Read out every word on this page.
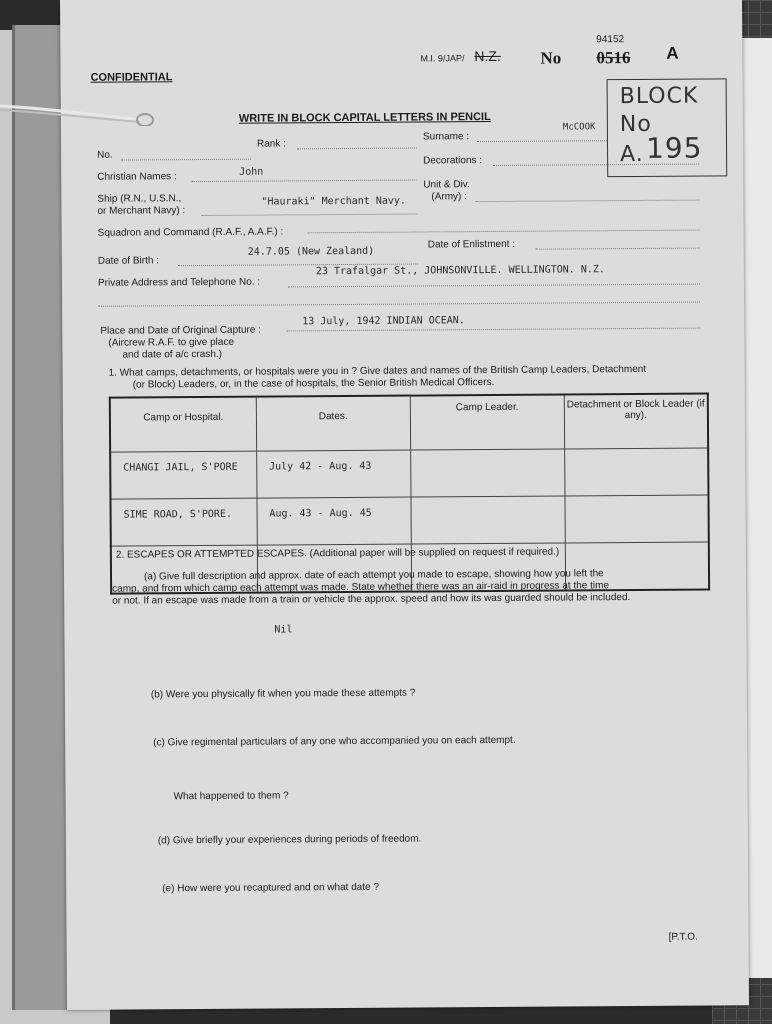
CONFIDENTIAL
M.I. 9/JAP/ N.Z. No
94152
0516 A
WRITE IN BLOCK CAPITAL LETTERS IN PENCIL
BLOCK
No
A. 195
No.
Rank :
Surname :
McCOOK
Christian Names :	John
Decorations :
Ship (R.N., U.S.N.,
or Merchant Navy) :
"Hauraki" Merchant Navy.
Unit & Div.
(Army) :
Squadron and Command (R.A.F., A.A.F.) :
Date of Birth :
24.7.05 (New Zealand)
Date of Enlistment :
Private Address and Telephone No. :
23 Trafalgar St., JOHNSONVILLE. WELLINGTON. N.Z.
Place and Date of Original Capture :
13 July, 1942 INDIAN OCEAN.
(Aircrew R.A.F. to give place
and date of a/c crash.)
1. What camps, detachments, or hospitals were you in ? Give dates and names of the British Camp Leaders, Detachment
(or Block) Leaders, or, in the case of hospitals, the Senior British Medical Officers.
Camp or Hospital.	Dates.	Camp Leader.	Detachment or Block Leader (if any).
CHANGI JAIL, S'PORE	July 42 - Aug. 43		
SIME ROAD, S'PORE.	Aug. 43 - Aug. 45		

2. ESCAPES OR ATTEMPTED ESCAPES. (Additional paper will be supplied on request if required.)
(a) Give full description and approx. date of each attempt you made to escape, showing how you left the
camp, and from which camp each attempt was made. State whether there was an air-raid in progress at the time
or not. If an escape was made from a train or vehicle the approx. speed and how its was guarded should be included.
Nil
(b) Were you physically fit when you made these attempts ?
(c) Give regimental particulars of any one who accompanied you on each attempt.
What happened to them ?
(d) Give briefly your experiences during periods of freedom.
(e) How were you recaptured and on what date ?
[P.T.O.
